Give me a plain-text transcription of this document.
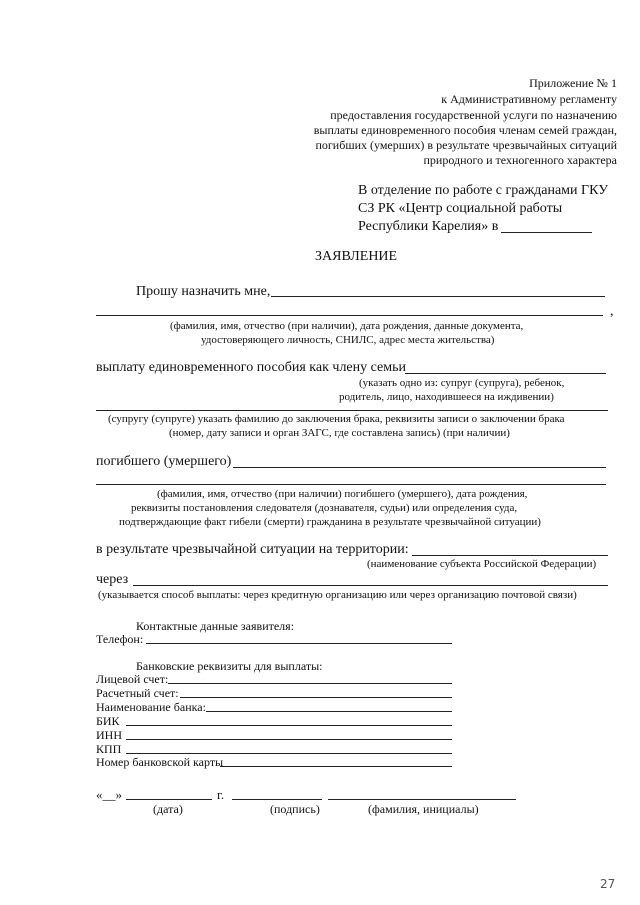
Приложение № 1
к Административному регламенту
предоставления государственной услуги по назначению
выплаты единовременного пособия членам семей граждан,
погибших (умерших) в результате чрезвычайных ситуаций
природного и техногенного характера
В отделение по работе с гражданами ГКУ
СЗ РК «Центр социальной работы
Республики Карелия» в
ЗАЯВЛЕНИЕ
Прошу назначить мне,
,
(фамилия, имя, отчество (при наличии), дата рождения, данные документа,
удостоверяющего личность, СНИЛС, адрес места жительства)
выплату единовременного пособия как члену семьи
(указать одно из: супруг (супруга), ребенок,
родитель, лицо, находившееся на иждивении)
(супругу (супруге) указать фамилию до заключения брака, реквизиты записи о заключении брака
(номер, дату записи и орган ЗАГС, где составлена запись) (при наличии)
погибшего (умершего)
(фамилия, имя, отчество (при наличии) погибшего (умершего), дата рождения,
реквизиты постановления следователя (дознавателя, судьи) или определения суда,
подтверждающие факт гибели (смерти) гражданина в результате чрезвычайной ситуации)
в результате чрезвычайной ситуации на территории:
(наименование субъекта Российской Федерации)
через
(указывается способ выплаты: через кредитную организацию или через организацию почтовой связи)
Контактные данные заявителя:
Телефон:
Банковские реквизиты для выплаты:
Лицевой счет:
Расчетный счет:
Наименование банка:
БИК
ИНН
КПП
Номер банковской карты
«__»	г.
(дата)	(подпись)	(фамилия, инициалы)
27
